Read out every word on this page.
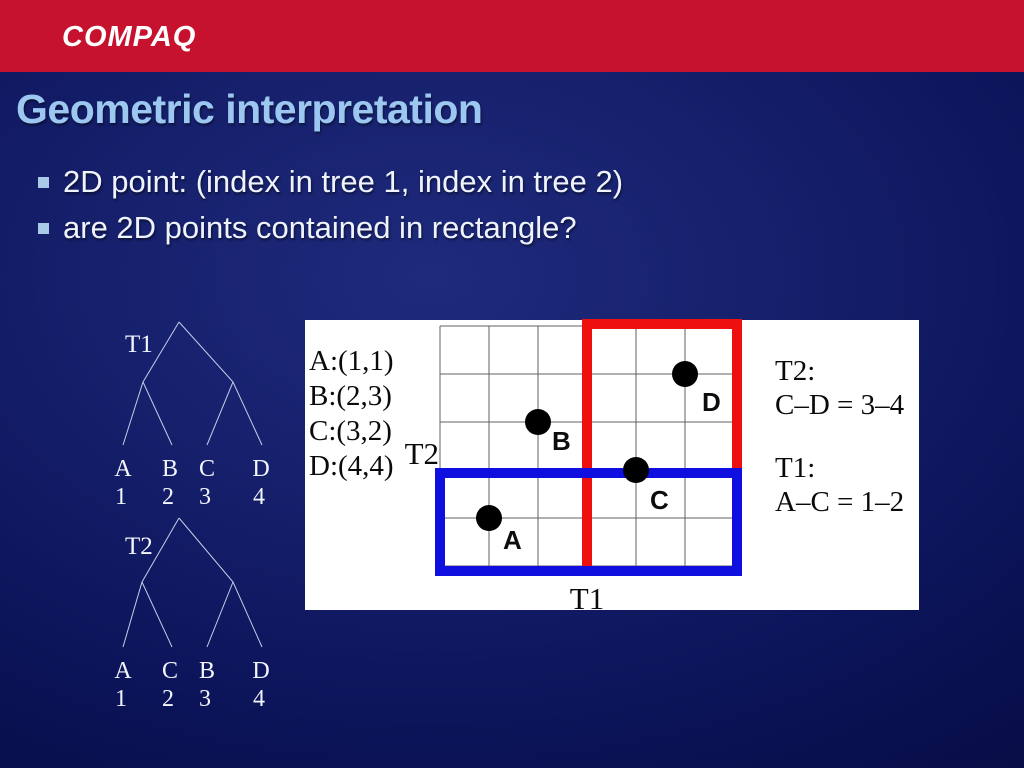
COMPAQ
Geometric interpretation
2D point: (index in tree 1, index in tree 2)
are 2D points contained in rectangle?
T1
A B C D
1 2 3 4
T2
A C B D
1 2 3 4
A:(1,1)
B:(2,3)
C:(3,2)
D:(4,4) T2
T1
A
B
C
D
T2:
C–D = 3–4
T1:
A–C = 1–2
